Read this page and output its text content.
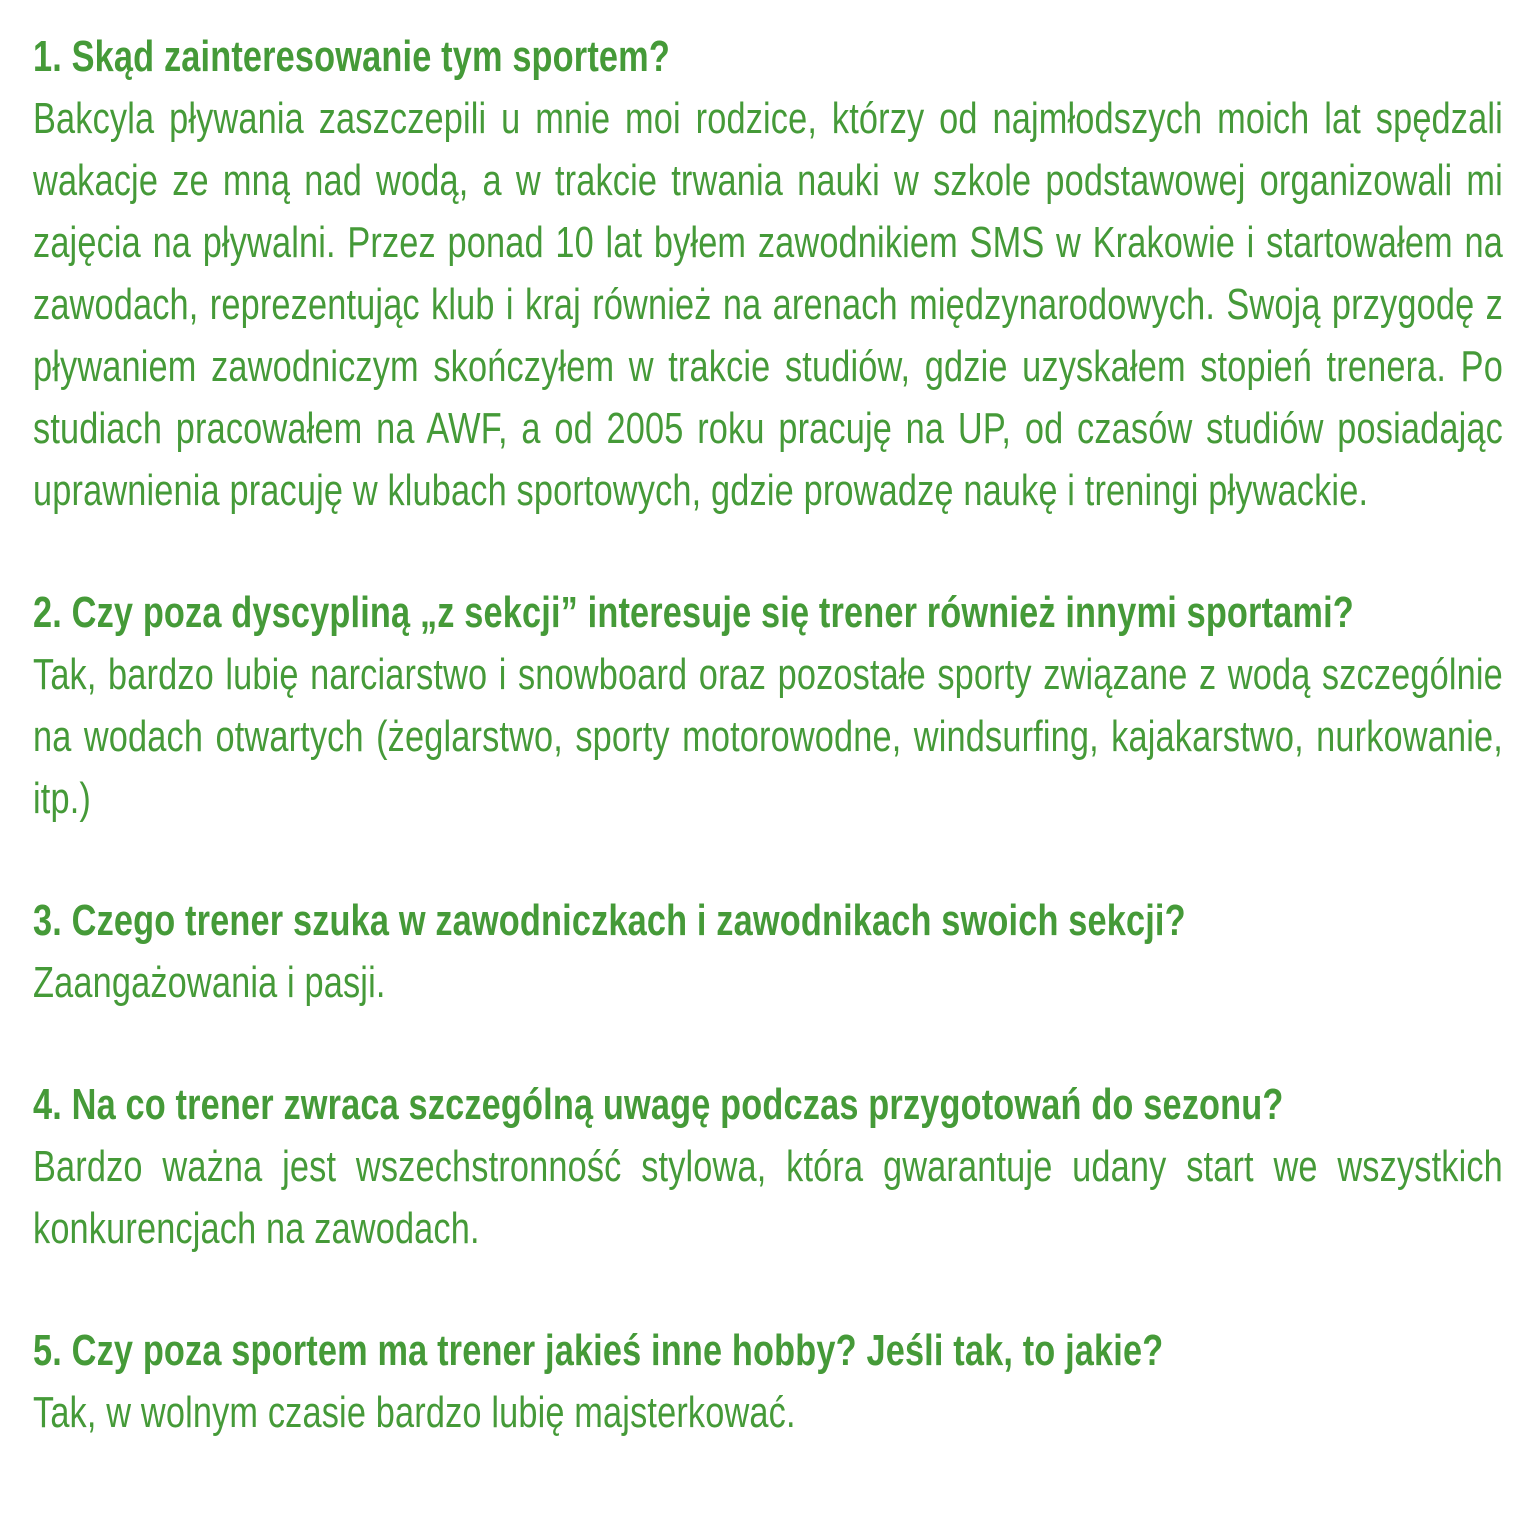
1. Skąd zainteresowanie tym sportem?

Bakcyla pływania zaszczepili u mnie moi rodzice, którzy od najmłodszych moich lat spędzali wakacje ze mną nad wodą, a w trakcie trwania nauki w szkole podstawowej organizowali mi zajęcia na pływalni. Przez ponad 10 lat byłem zawodnikiem SMS w Krakowie i startowałem na zawodach, reprezentując klub i kraj również na arenach międzynarodowych. Swoją przygodę z pływaniem zawodniczym skończyłem w trakcie studiów, gdzie uzyskałem stopień trenera. Po studiach pracowałem na AWF, a od 2005 roku pracuję na UP, od czasów studiów posiadając uprawnienia pracuję w klubach sportowych, gdzie prowadzę naukę i treningi pływackie.

2. Czy poza dyscypliną „z sekcji” interesuje się trener również innymi sportami?

Tak, bardzo lubię narciarstwo i snowboard oraz pozostałe sporty związane z wodą szczególnie na wodach otwartych (żeglarstwo, sporty motorowodne, windsurfing, kajakarstwo, nurkowanie, itp.)

3. Czego trener szuka w zawodniczkach i zawodnikach swoich sekcji?

Zaangażowania i pasji.

4. Na co trener zwraca szczególną uwagę podczas przygotowań do sezonu?

Bardzo ważna jest wszechstronność stylowa, która gwarantuje udany start we wszystkich konkurencjach na zawodach.

5. Czy poza sportem ma trener jakieś inne hobby? Jeśli tak, to jakie?

Tak, w wolnym czasie bardzo lubię majsterkować.
